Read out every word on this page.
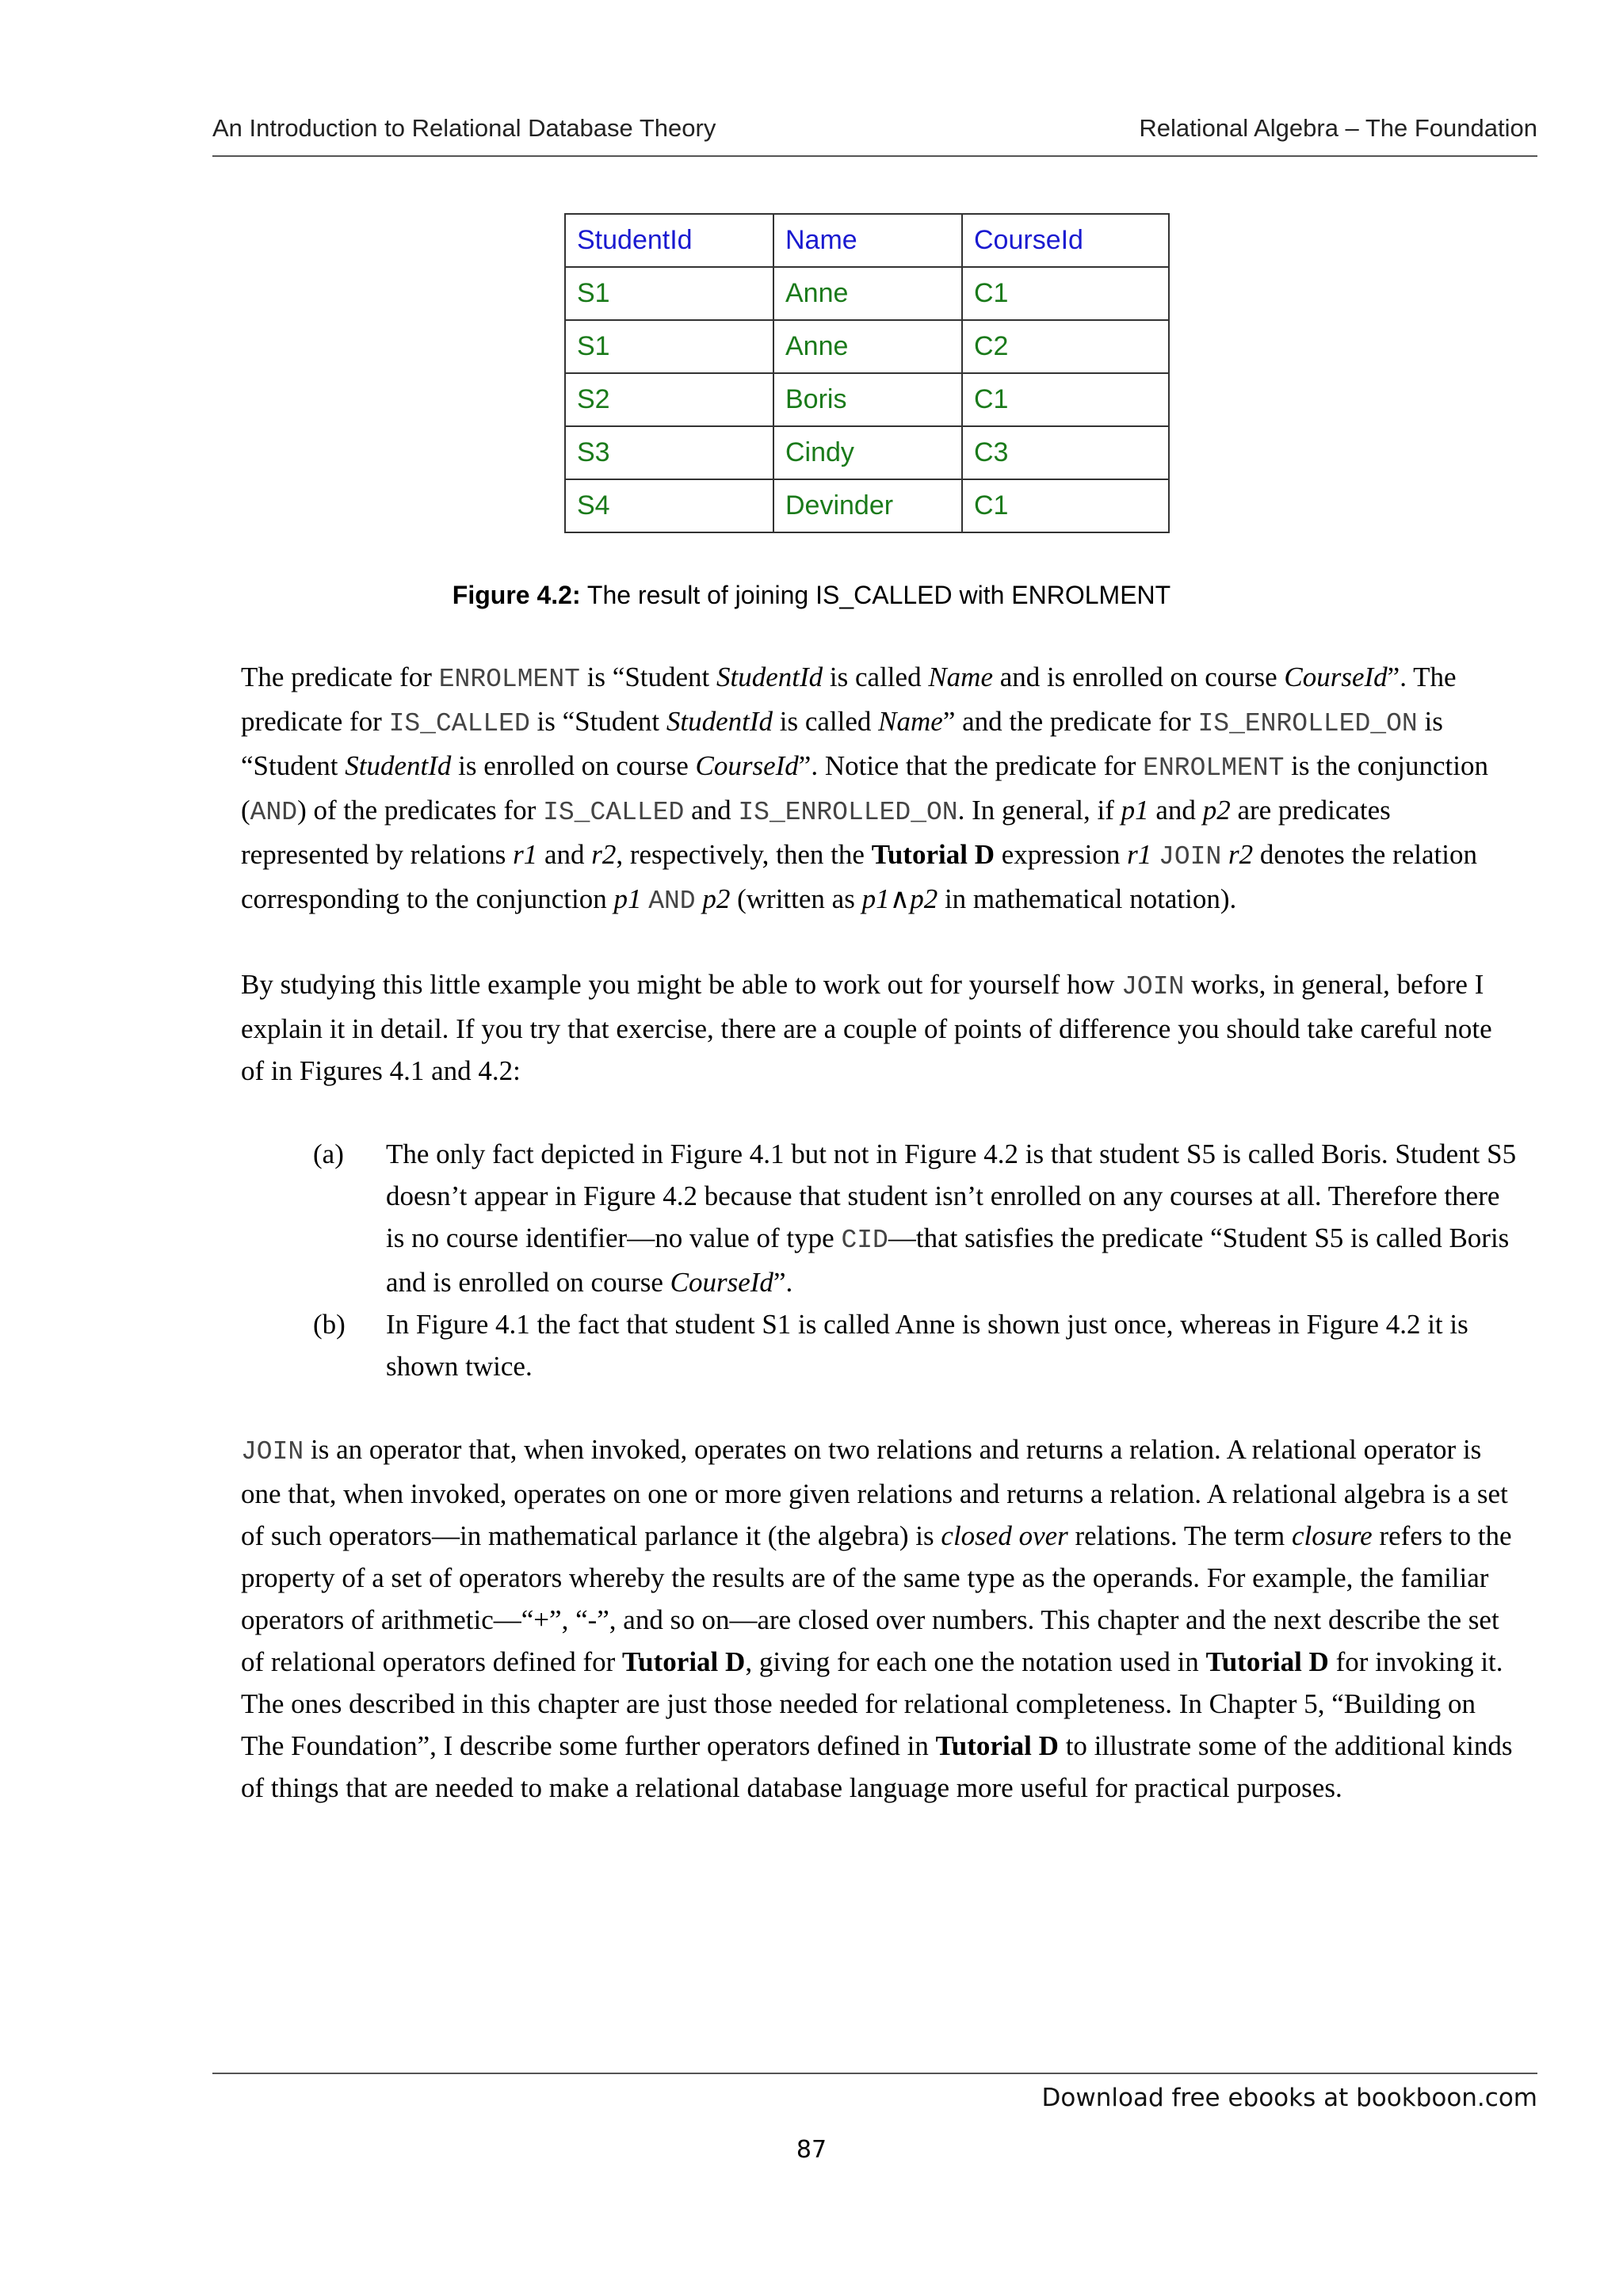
An Introduction to Relational Database Theory	Relational Algebra – The Foundation
StudentId	Name	CourseId
S1	Anne	C1
S1	Anne	C2
S2	Boris	C1
S3	Cindy	C3
S4	Devinder	C1
Figure 4.2: The result of joining IS_CALLED with ENROLMENT

The predicate for ENROLMENT is “Student StudentId is called Name and is enrolled on course CourseId”. The predicate for IS_CALLED is “Student StudentId is called Name” and the predicate for IS_ENROLLED_ON is “Student StudentId is enrolled on course CourseId”. Notice that the predicate for ENROLMENT is the conjunction (AND) of the predicates for IS_CALLED and IS_ENROLLED_ON. In general, if p1 and p2 are predicates represented by relations r1 and r2, respectively, then the Tutorial D expression r1 JOIN r2 denotes the relation corresponding to the conjunction p1 AND p2 (written as p1∧p2 in mathematical notation).

By studying this little example you might be able to work out for yourself how JOIN works, in general, before I explain it in detail. If you try that exercise, there are a couple of points of difference you should take careful note of in Figures 4.1 and 4.2:

(a) The only fact depicted in Figure 4.1 but not in Figure 4.2 is that student S5 is called Boris. Student S5 doesn’t appear in Figure 4.2 because that student isn’t enrolled on any courses at all. Therefore there is no course identifier—no value of type CID—that satisfies the predicate “Student S5 is called Boris and is enrolled on course CourseId”.
(b) In Figure 4.1 the fact that student S1 is called Anne is shown just once, whereas in Figure 4.2 it is shown twice.

JOIN is an operator that, when invoked, operates on two relations and returns a relation. A relational operator is one that, when invoked, operates on one or more given relations and returns a relation. A relational algebra is a set of such operators—in mathematical parlance it (the algebra) is closed over relations. The term closure refers to the property of a set of operators whereby the results are of the same type as the operands. For example, the familiar operators of arithmetic—“+”, “-”, and so on—are closed over numbers. This chapter and the next describe the set of relational operators defined for Tutorial D, giving for each one the notation used in Tutorial D for invoking it. The ones described in this chapter are just those needed for relational completeness. In Chapter 5, “Building on The Foundation”, I describe some further operators defined in Tutorial D to illustrate some of the additional kinds of things that are needed to make a relational database language more useful for practical purposes.

Download free ebooks at bookboon.com
87
